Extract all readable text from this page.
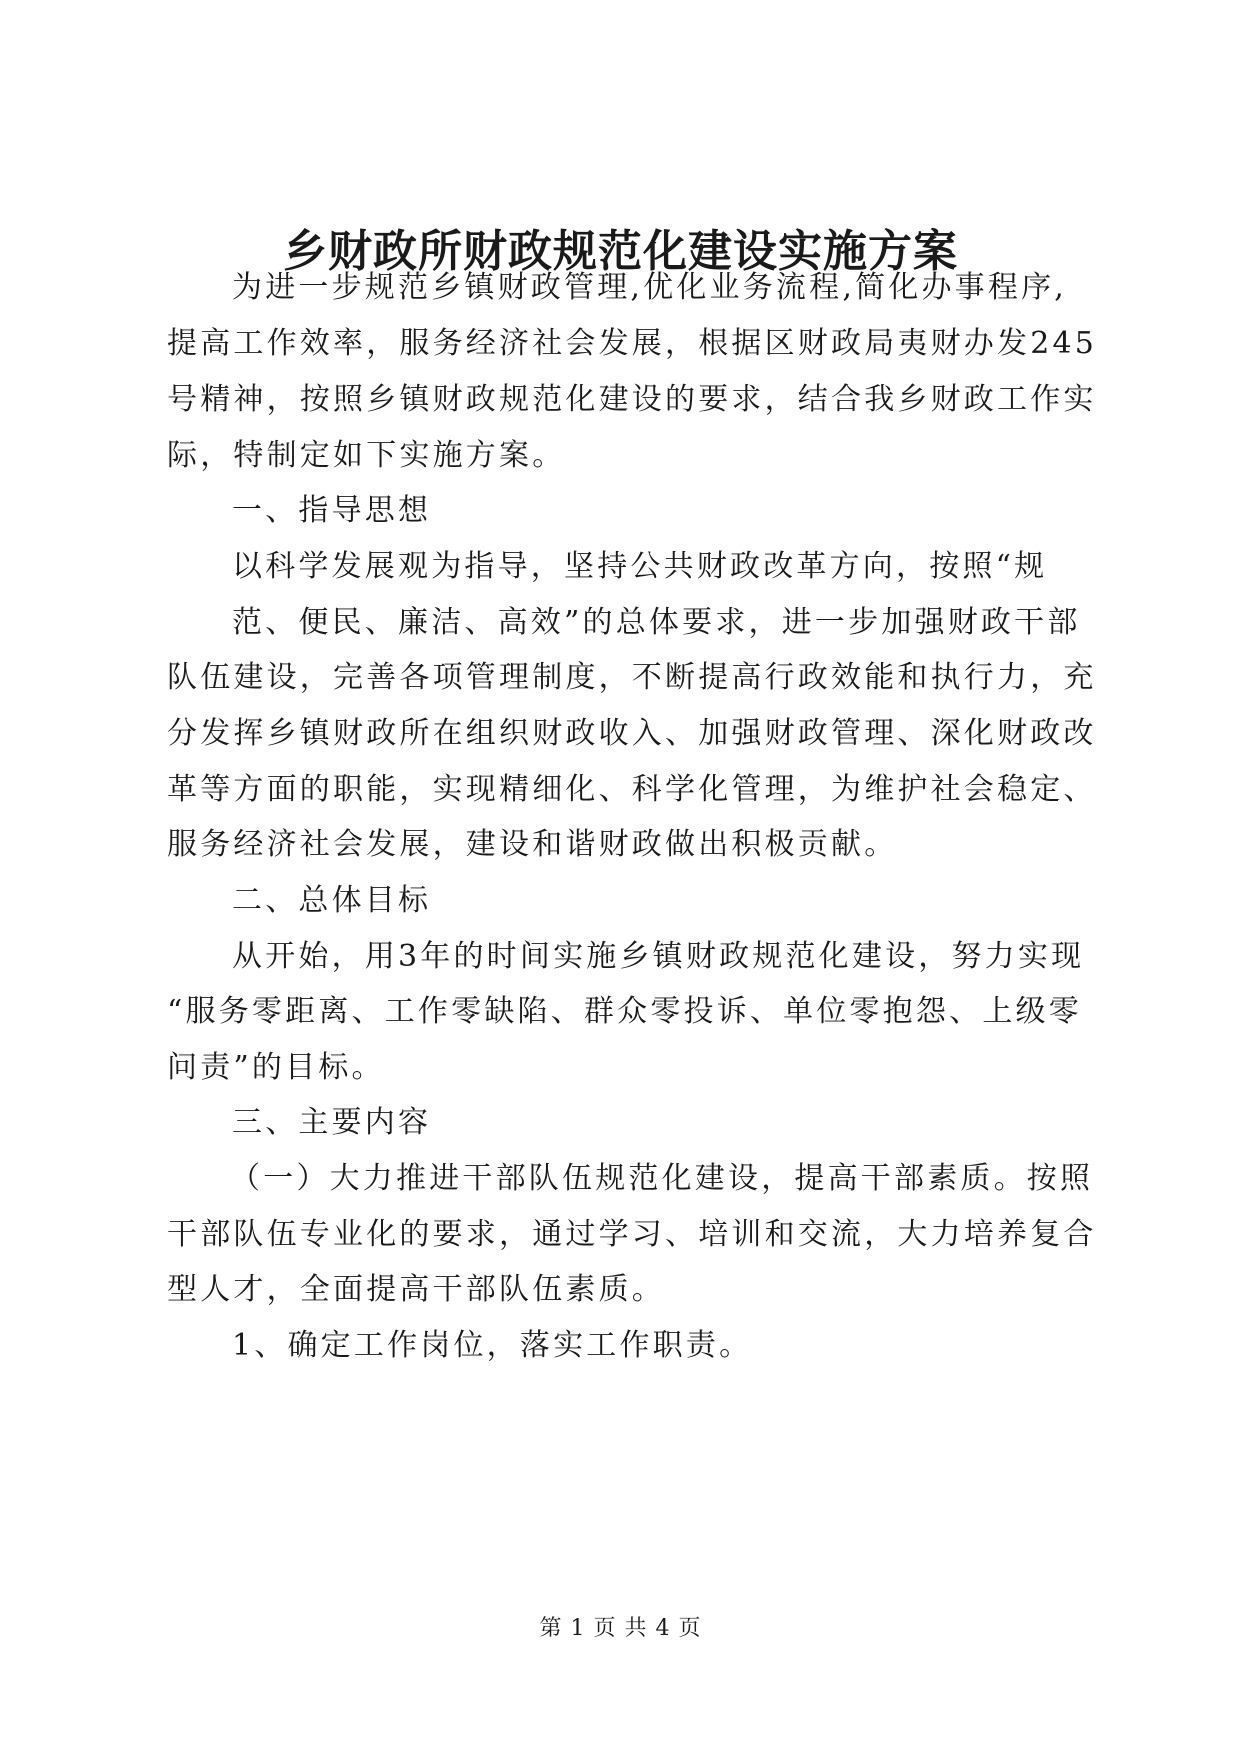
乡财政所财政规范化建设实施方案

为进一步规范乡镇财政管理,优化业务流程,简化办事程序,

提高工作效率，服务经济社会发展，根据区财政局夷财办发245

号精神，按照乡镇财政规范化建设的要求，结合我乡财政工作实

际，特制定如下实施方案。

一、指导思想

以科学发展观为指导，坚持公共财政改革方向，按照“规

范、便民、廉洁、高效”的总体要求，进一步加强财政干部

队伍建设，完善各项管理制度，不断提高行政效能和执行力，充

分发挥乡镇财政所在组织财政收入、加强财政管理、深化财政改

革等方面的职能，实现精细化、科学化管理，为维护社会稳定、

服务经济社会发展，建设和谐财政做出积极贡献。

二、总体目标

从开始，用3年的时间实施乡镇财政规范化建设，努力实现

“服务零距离、工作零缺陷、群众零投诉、单位零抱怨、上级零

问责”的目标。

三、主要内容

（一）大力推进干部队伍规范化建设，提高干部素质。按照

干部队伍专业化的要求，通过学习、培训和交流，大力培养复合

型人才，全面提高干部队伍素质。

1、确定工作岗位，落实工作职责。

第 1 页 共 4 页
